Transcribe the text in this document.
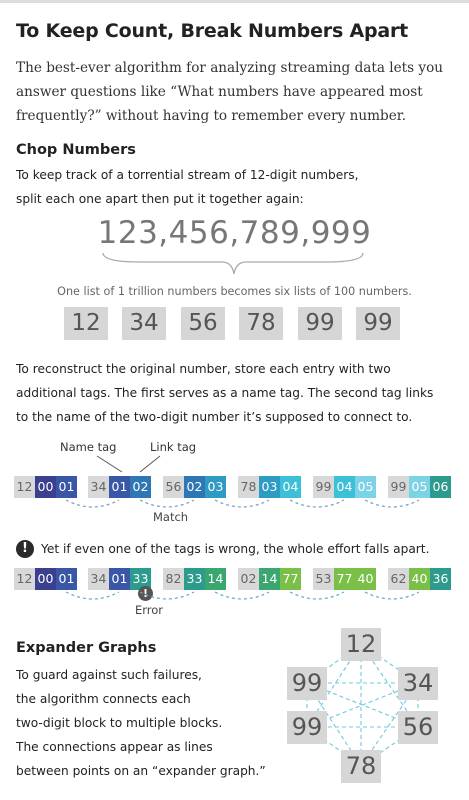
To Keep Count, Break Numbers Apart
The best-ever algorithm for analyzing streaming data lets you answer questions like “What numbers have appeared most frequently?” without having to remember every number.
Chop Numbers
To keep track of a torrential stream of 12-digit numbers,
split each one apart then put it together again:
123,456,789,999
One list of 1 trillion numbers becomes six lists of 100 numbers.
12	34	56	78	99	99
To reconstruct the original number, store each entry with two
additional tags. The first serves as a name tag. The second tag links
to the name of the two-digit number it’s supposed to connect to.
Name tag	Link tag
12 00 01 34 01 02 56 02 03 78 03 04 99 04 05 99 05 06
Match
!	Yet if even one of the tags is wrong, the whole effort falls apart.
12 00 01 34 01 33 82 33 14 02 14 77 53 77 40 62 40 36
!
Error
Expander Graphs
To guard against such failures,
the algorithm connects each
two-digit block to multiple blocks.
The connections appear as lines
between points on an “expander graph.”
12
99	34
99	56
78
